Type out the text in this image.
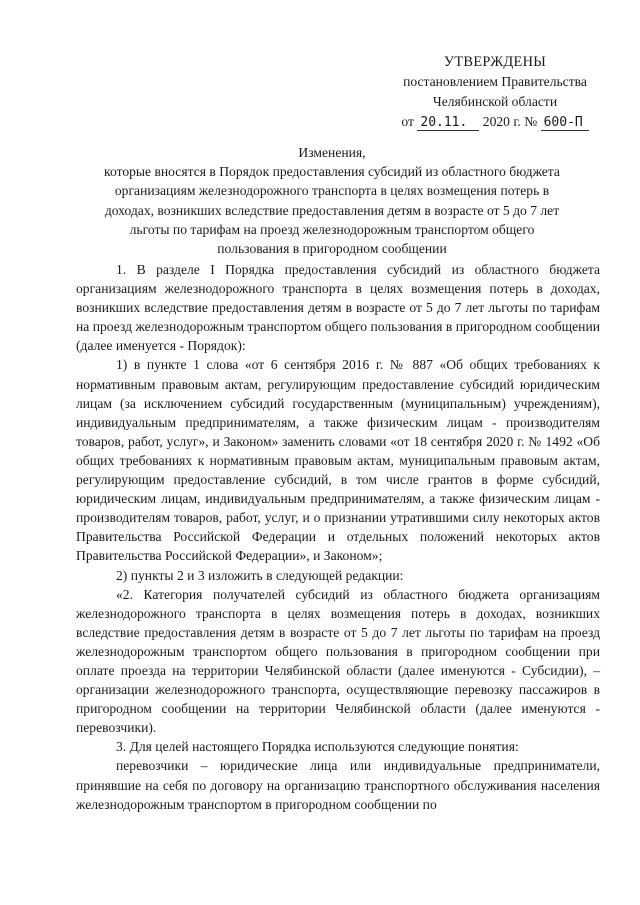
УТВЕРЖДЕНЫ
постановлением Правительства
Челябинской области
от 20.11. 2020 г. № 600-П
Изменения,
которые вносятся в Порядок предоставления субсидий из областного бюджета
организациям железнодорожного транспорта в целях возмещения потерь в
доходах, возникших вследствие предоставления детям в возрасте от 5 до 7 лет
льготы по тарифам на проезд железнодорожным транспортом общего
пользования в пригородном сообщении

1. В разделе I Порядка предоставления субсидий из областного бюджета организациям железнодорожного транспорта в целях возмещения потерь в доходах, возникших вследствие предоставления детям в возрасте от 5 до 7 лет льготы по тарифам на проезд железнодорожным транспортом общего пользования в пригородном сообщении (далее именуется - Порядок):

1) в пункте 1 слова «от 6 сентября 2016 г. № 887 «Об общих требованиях к нормативным правовым актам, регулирующим предоставление субсидий юридическим лицам (за исключением субсидий государственным (муниципальным) учреждениям), индивидуальным предпринимателям, а также физическим лицам - производителям товаров, работ, услуг», и Законом» заменить словами «от 18 сентября 2020 г. № 1492 «Об общих требованиях к нормативным правовым актам, муниципальным правовым актам, регулирующим предоставление субсидий, в том числе грантов в форме субсидий, юридическим лицам, индивидуальным предпринимателям, а также физическим лицам - производителям товаров, работ, услуг, и о признании утратившими силу некоторых актов Правительства Российской Федерации и отдельных положений некоторых актов Правительства Российской Федерации», и Законом»;

2) пункты 2 и 3 изложить в следующей редакции:

«2. Категория получателей субсидий из областного бюджета организациям железнодорожного транспорта в целях возмещения потерь в доходах, возникших вследствие предоставления детям в возрасте от 5 до 7 лет льготы по тарифам на проезд железнодорожным транспортом общего пользования в пригородном сообщении при оплате проезда на территории Челябинской области (далее именуются - Субсидии), – организации железнодорожного транспорта, осуществляющие перевозку пассажиров в пригородном сообщении на территории Челябинской области (далее именуются - перевозчики).

3. Для целей настоящего Порядка используются следующие понятия:

перевозчики – юридические лица или индивидуальные предприниматели, принявшие на себя по договору на организацию транспортного обслуживания населения железнодорожным транспортом в пригородном сообщении по
